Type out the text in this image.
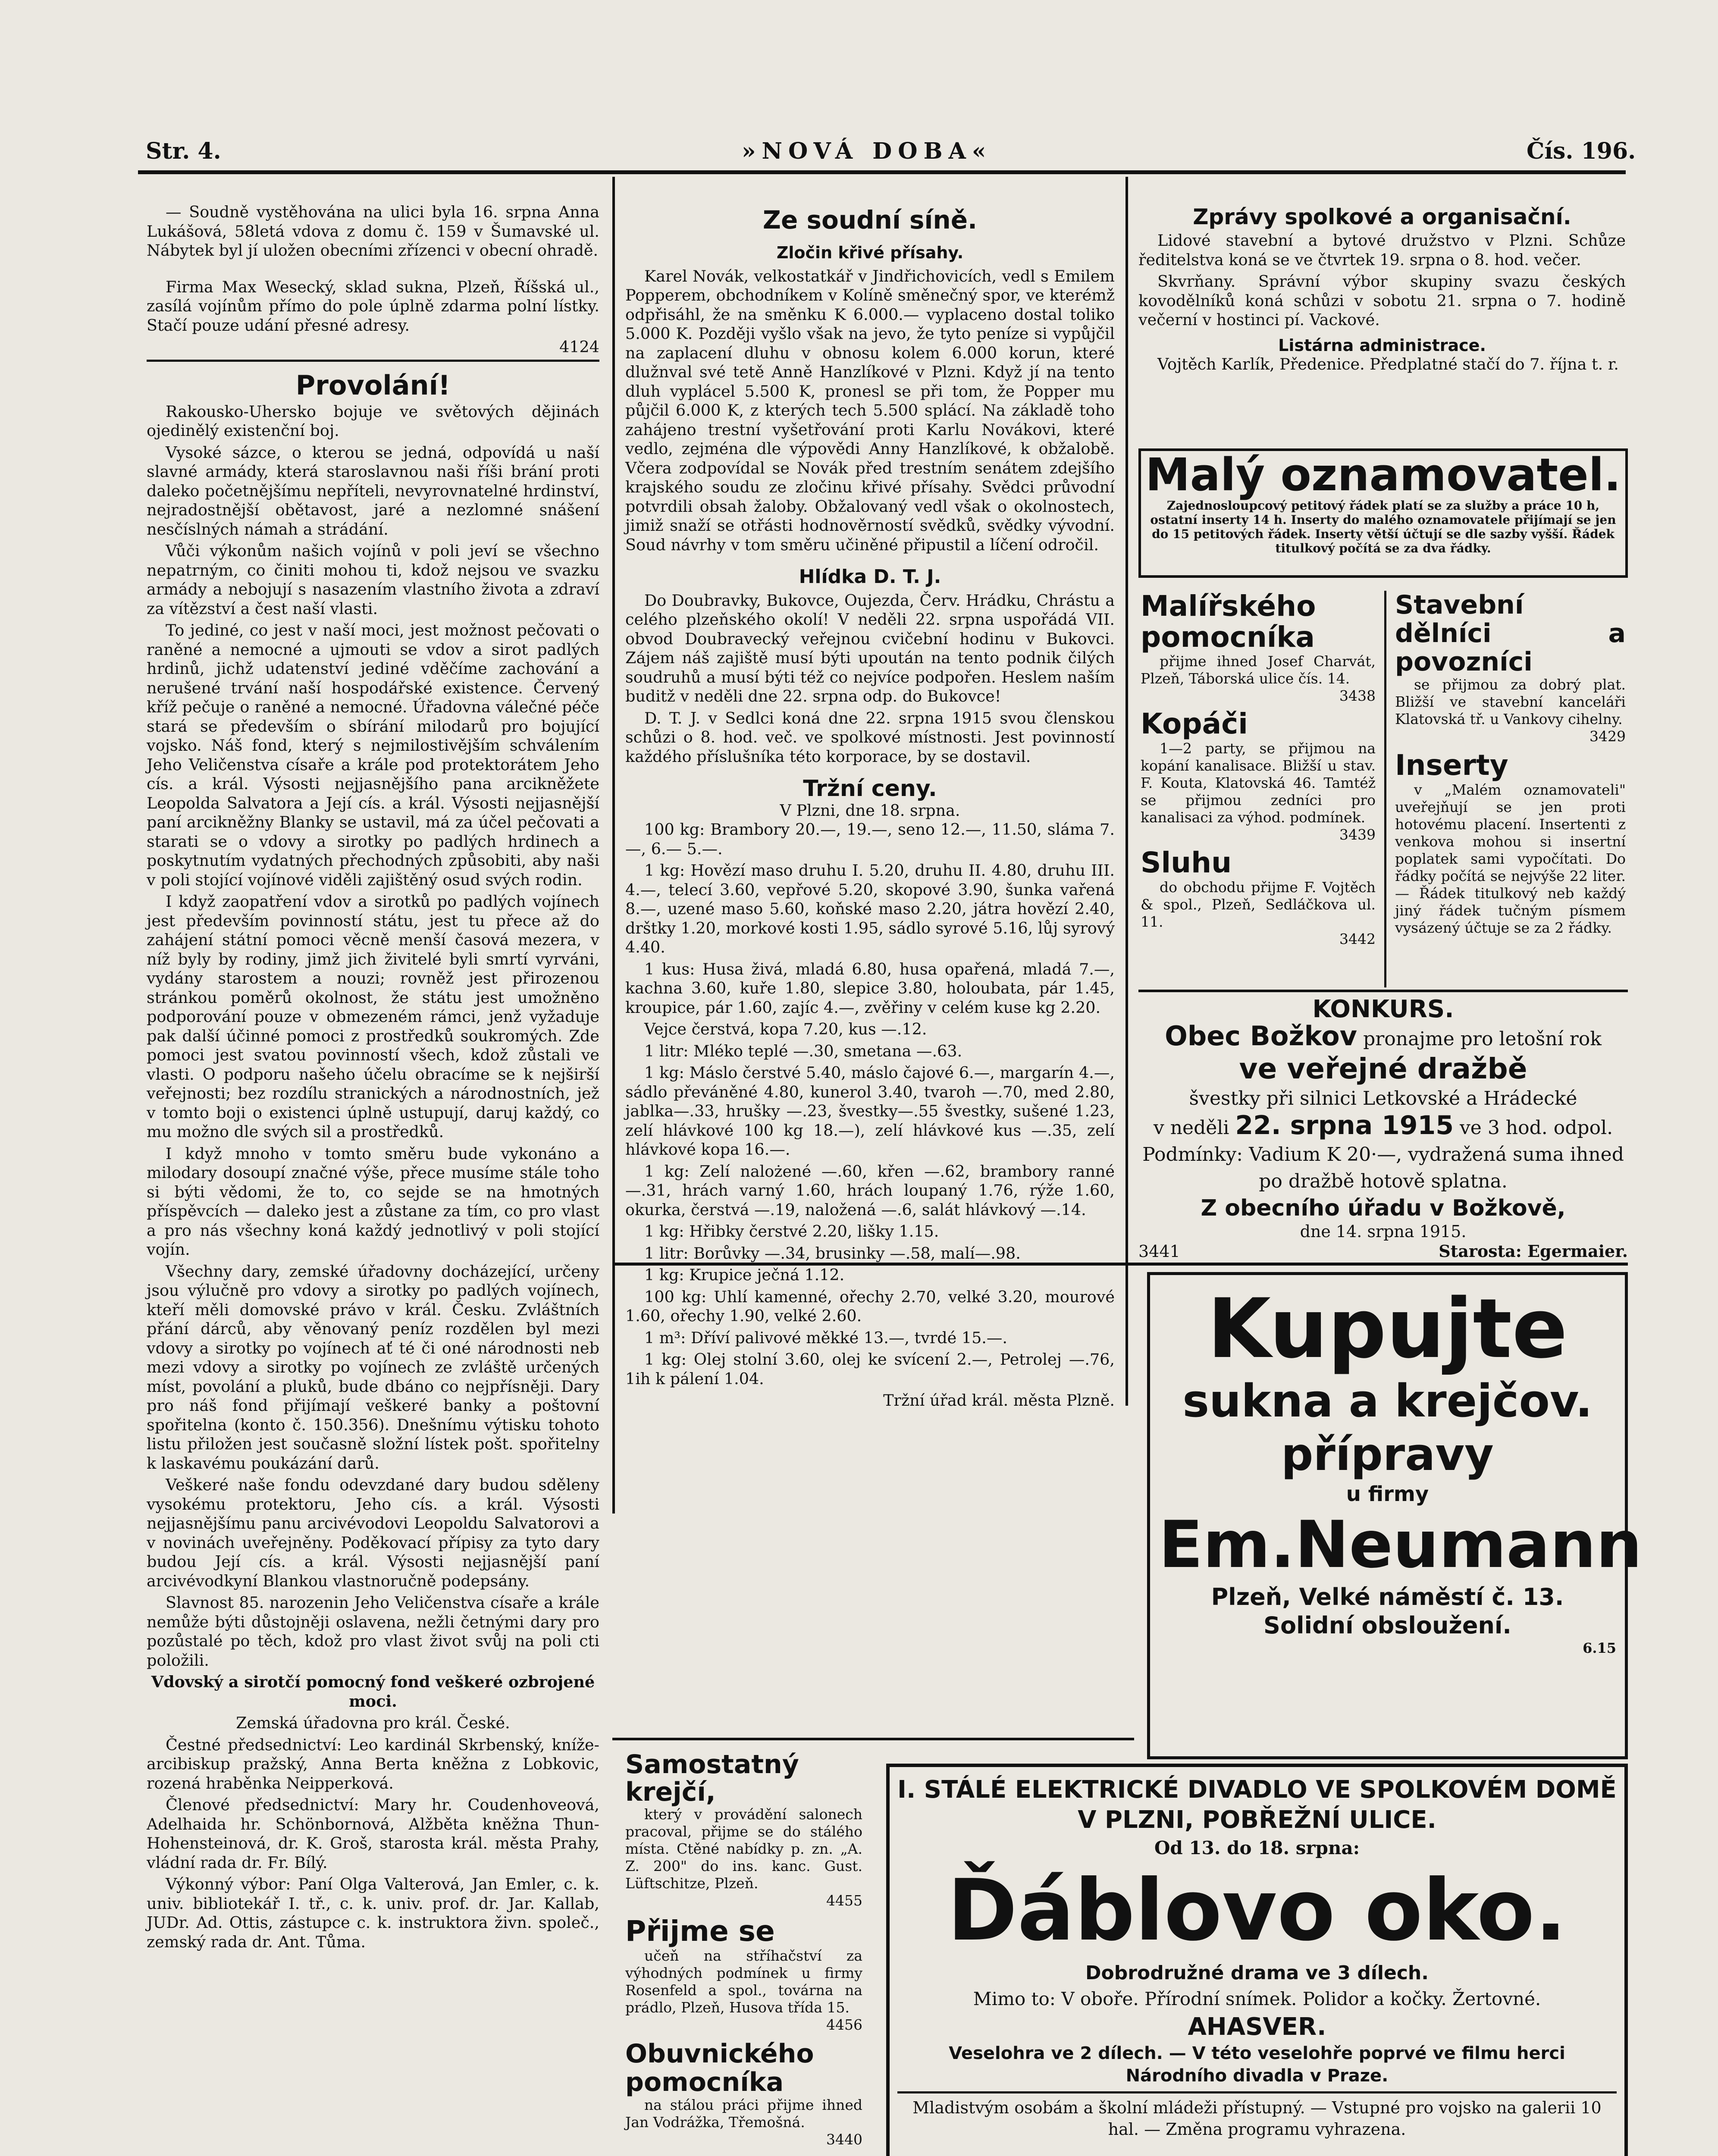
Str. 4.	»NOVÁ DOBA«	Čís. 196.

— Soudně vystěhována na ulici byla 16. srpna Anna Lukášová, 58letá vdova z domu č. 159 v Šumavské ul. Nábytek byl jí uložen obecními zřízenci v obecní ohradě.

Firma Max Wesecký, sklad sukna, Plzeň, Říšská ul., zasílá vojínům přímo do pole úplně zdarma polní lístky. Stačí pouze udání přesné adresy.

4124
Provolání!

Rakousko-Uhersko bojuje ve světových dějinách ojedinělý existenční boj.

Vysoké sázce, o kterou se jedná, odpovídá u naší slavné armády, která staroslavnou naši říši brání proti daleko početnějšímu nepříteli, nevyrovnatelné hrdinství, nejradostnější obětavost, jaré a nezlomné snášení nesčíslných námah a strádání.

Vůči výkonům našich vojínů v poli jeví se všechno nepatrným, co činiti mohou ti, kdož nejsou ve svazku armády a nebojují s nasazením vlastního života a zdraví za vítězství a čest naší vlasti.

To jediné, co jest v naší moci, jest možnost pečovati o raněné a nemocné a ujmouti se vdov a sirot padlých hrdinů, jichž udatenství jediné vděčíme zachování a nerušené trvání naší hospodářské existence. Červený kříž pečuje o raněné a nemocné. Úřadovna válečné péče stará se především o sbírání milodarů pro bojující vojsko. Náš fond, který s nejmilostivějším schválením Jeho Veličenstva císaře a krále pod protektorátem Jeho cís. a král. Výsosti nejjasnějšího pana arcikněžete Leopolda Salvatora a Její cís. a král. Výsosti nejjasnější paní arcikněžny Blanky se ustavil, má za účel pečovati a starati se o vdovy a sirotky po padlých hrdinech a poskytnutím vydatných přechodných způsobiti, aby naši v poli stojící vojínové viděli zajištěný osud svých rodin.

I když zaopatření vdov a sirotků po padlých vojínech jest především povinností státu, jest tu přece až do zahájení státní pomoci věcně menší časová mezera, v níž byly by rodiny, jimž jich živitelé byli smrtí vyrváni, vydány starostem a nouzi; rovněž jest přirozenou stránkou poměrů okolnost, že státu jest umožněno podporování pouze v obmezeném rámci, jenž vyžaduje pak další účinné pomoci z prostředků soukromých. Zde pomoci jest svatou povinností všech, kdož zůstali ve vlasti. O podporu našeho účelu obracíme se k nejširší veřejnosti; bez rozdílu stranických a národnostních, jež v tomto boji o existenci úplně ustupují, daruj každý, co mu možno dle svých sil a prostředků.

I když mnoho v tomto směru bude vykonáno a milodary dosoupí značné výše, přece musíme stále toho si býti vědomi, že to, co sejde se na hmotných příspěvcích — daleko jest a zůstane za tím, co pro vlast a pro nás všechny koná každý jednotlivý v poli stojící vojín.

Všechny dary, zemské úřadovny docházející, určeny jsou výlučně pro vdovy a sirotky po padlých vojínech, kteří měli domovské právo v král. Česku. Zvláštních přání dárců, aby věnovaný peníz rozdělen byl mezi vdovy a sirotky po vojínech ať té či oné národnosti neb mezi vdovy a sirotky po vojínech ze zvláště určených míst, povolání a pluků, bude dbáno co nejpřísněji. Dary pro náš fond přijímají veškeré banky a poštovní spořitelna (konto č. 150.356). Dnešnímu výtisku tohoto listu přiložen jest současně složní lístek pošt. spořitelny k laskavému poukázání darů.

Veškeré naše fondu odevzdané dary budou sděleny vysokému protektoru, Jeho cís. a král. Výsosti nejjasnějšímu panu arcivévodovi Leopoldu Salvatorovi a v novinách uveřejněny. Poděkovací přípisy za tyto dary budou Její cís. a král. Výsosti nejjasnější paní arcivévodkyní Blankou vlastnoručně podepsány.

Slavnost 85. narozenin Jeho Veličenstva císaře a krále nemůže býti důstojněji oslavena, nežli četnými dary pro pozůstalé po těch, kdož pro vlast život svůj na poli cti položili.

Vdovský a sirotčí pomocný fond veškeré ozbrojené moci.

Zemská úřadovna pro král. České.

Čestné předsednictví: Leo kardinál Skrbenský, kníže-arcibiskup pražský, Anna Berta kněžna z Lobkovic, rozená hraběnka Neipperková.

Členové předsednictví: Mary hr. Coudenhoveová, Adelhaida hr. Schönbornová, Alžběta kněžna Thun-Hohensteinová, dr. K. Groš, starosta král. města Prahy, vládní rada dr. Fr. Bílý.

Výkonný výbor: Paní Olga Valterová, Jan Emler, c. k. univ. bibliotekář I. tř., c. k. univ. prof. dr. Jar. Kallab, JUDr. Ad. Ottis, zástupce c. k. instruktora živn. společ., zemský rada dr. Ant. Tůma.

Ze soudní síně.
Zločin křivé přísahy.

Karel Novák, velkostatkář v Jindřichovicích, vedl s Emilem Popperem, obchodníkem v Kolíně směnečný spor, ve kterémž odpřisáhl, že na směnku K 6.000.— vyplaceno dostal toliko 5.000 K. Později vyšlo však na jevo, že tyto peníze si vypůjčil na zaplacení dluhu v obnosu kolem 6.000 korun, které dlužnval své tetě Anně Hanzlíkové v Plzni. Když jí na tento dluh vyplácel 5.500 K, pronesl se při tom, že Popper mu půjčil 6.000 K, z kterých tech 5.500 splácí. Na základě toho zahájeno trestní vyšetřování proti Karlu Novákovi, které vedlo, zejména dle výpovědi Anny Hanzlíkové, k obžalobě. Včera zodpovídal se Novák před trestním senátem zdejšího krajského soudu ze zločinu křivé přísahy. Svědci průvodní potvrdili obsah žaloby. Obžalovaný vedl však o okolnostech, jimiž snaží se otřásti hodnověrností svědků, svědky vývodní. Soud návrhy v tom směru učiněné připustil a líčení odročil.

Hlídka D. T. J.

Do Doubravky, Bukovce, Oujezda, Červ. Hrádku, Chrástu a celého plzeňského okolí! V neděli 22. srpna uspořádá VII. obvod Doubravecký veřejnou cvičební hodinu v Bukovci. Zájem náš zajiště musí býti upoután na tento podnik čilých soudruhů a musí býti též co nejvíce podpořen. Heslem naším buditž v neděli dne 22. srpna odp. do Bukovce!

D. T. J. v Sedlci koná dne 22. srpna 1915 svou členskou schůzi o 8. hod. več. ve spolkové místnosti. Jest povinností každého příslušníka této korporace, by se dostavil.

Tržní ceny.
V Plzni, dne 18. srpna.

100 kg: Brambory 20.—, 19.—, seno 12.—, 11.50, sláma 7.—, 6.— 5.—.

1 kg: Hovězí maso druhu I. 5.20, druhu II. 4.80, druhu III. 4.—, telecí 3.60, vepřové 5.20, skopové 3.90, šunka vařená 8.—, uzené maso 5.60, koňské maso 2.20, játra hovězí 2.40, drštky 1.20, morkové kosti 1.95, sádlo syrové 5.16, lůj syrový 4.40.

1 kus: Husa živá, mladá 6.80, husa opařená, mladá 7.—, kachna 3.60, kuře 1.80, slepice 3.80, holoubata, pár 1.45, kroupice, pár 1.60, zajíc 4.—, zvěřiny v celém kuse kg 2.20.

Vejce čerstvá, kopa 7.20, kus —.12.

1 litr: Mléko teplé —.30, smetana —.63.

1 kg: Máslo čerstvé 5.40, máslo čajové 6.—, margarín 4.—, sádlo převáněné 4.80, kunerol 3.40, tvaroh —.70, med 2.80, jablka—.33, hrušky —.23, švestky—.55 švestky, sušené 1.23, zelí hlávkové 100 kg 18.—), zelí hlávkové kus —.35, zelí hlávkové kopa 16.—.

1 kg: Zelí nalożené —.60, křen —.62, brambory ranné —.31, hrách varný 1.60, hrách loupaný 1.76, rýže 1.60, okurka, čerstvá —.19, naložená —.6, salát hlávkový —.14.

1 kg: Hřibky čerstvé 2.20, lišky 1.15.

1 litr: Borůvky —.34, brusinky —.58, malí—.98.

1 kg: Krupice ječná 1.12.

100 kg: Uhlí kamenné, ořechy 2.70, velké 3.20, mourové 1.60, ořechy 1.90, velké 2.60.

1 m³: Dříví palivové měkké 13.—, tvrdé 15.—.

1 kg: Olej stolní 3.60, olej ke svícení 2.—, Petrolej —.76, 1ih k pálení 1.04.

Tržní úřad král. města Plzně.
Zprávy spolkové a organisační.

Lidové stavební a bytové družstvo v Plzni. Schůze ředitelstva koná se ve čtvrtek 19. srpna o 8. hod. večer.

Skvrňany. Správní výbor skupiny svazu českých kovodělníků koná schůzi v sobotu 21. srpna o 7. hodině večerní v hostinci pí. Vackové.

Listárna administrace.

Vojtěch Karlík, Předenice. Předplatné stačí do 7. října t. r.

Malý oznamovatel.
Zajednosloupcový petitový řádek platí se za služby a práce 10 h, ostatní inserty 14 h. Inserty do malého oznamovatele přijímají se jen do 15 petitových řádek. Inserty větší účtují se dle sazby vyšší. Řádek titulkový počítá se za dva řádky.
Malířského pomocníka

přijme ihned Josef Charvát, Plzeň, Táborská ulice čís. 14.

3438
Kopáči

1—2 party, se přijmou na kopání kanalisace. Bližší u stav. F. Kouta, Klatovská 46. Tamtéž se přijmou zedníci pro kanalisaci za výhod. podmínek.

3439
Sluhu

do obchodu přijme F. Vojtěch & spol., Plzeň, Sedláčkova ul. 11.

3442
Stavební dělníci a povozníci

se přijmou za dobrý plat. Bližší ve stavební kanceláři Klatovská tř. u Vankovy cihelny.

3429
Inserty

v „Malém oznamovateli" uveřejňují se jen proti hotovému placení. Insertenti z venkova mohou si insertní poplatek sami vypočítati. Do řádky počítá se nejvýše 22 liter. — Řádek titulkový neb každý jiný řádek tučným písmem vysázený účtuje se za 2 řádky.

KONKURS.
Obec Božkov pronajme pro letošní rok
ve veřejné dražbě
švestky při silnici Letkovské a Hrádecké
v neděli 22. srpna 1915 ve 3 hod. odpol.
Podmínky: Vadium K 20·—, vydražená suma ihned po dražbě hotově splatna.
Z obecního úřadu v Božkově,
dne 14. srpna 1915.
3441	Starosta: Egermaier.
Kupujte
sukna a krejčov.
přípravy
u firmy
Em.Neumann
Plzeň, Velké náměstí č. 13.
Solidní obsloužení.
6.15
Samostatný krejčí,

který v provádění salonech pracoval, přijme se do stálého místa. Ctěné nabídky p. zn. „A. Z. 200" do ins. kanc. Gust. Lüftschitze, Plzeň.

4455
Přijme se

učeň na stříhačství za výhodných podmínek u firmy Rosenfeld a spol., továrna na prádlo, Plzeň, Husova třída 15.

4456
Obuvnického pomocníka

na stálou práci přijme ihned Jan Vodrážka, Třemošná.

3440
I. STÁLÉ ELEKTRICKÉ DIVADLO VE SPOLKOVÉM DOMĚ V PLZNI, POBŘEŽNÍ ULICE.
Od 13. do 18. srpna:
Ďáblovo oko.
Dobrodružné drama ve 3 dílech.
Mimo to: V oboře. Přírodní snímek. Polidor a kočky. Žertovné.
AHASVER.
Veselohra ve 2 dílech. — V této veselohře poprvé ve filmu herci Národního divadla v Praze.
Mladistvým osobám a školní mládeži přístupný. — Vstupné pro vojsko na galerii 10 hal. — Změna programu vyhrazena.
